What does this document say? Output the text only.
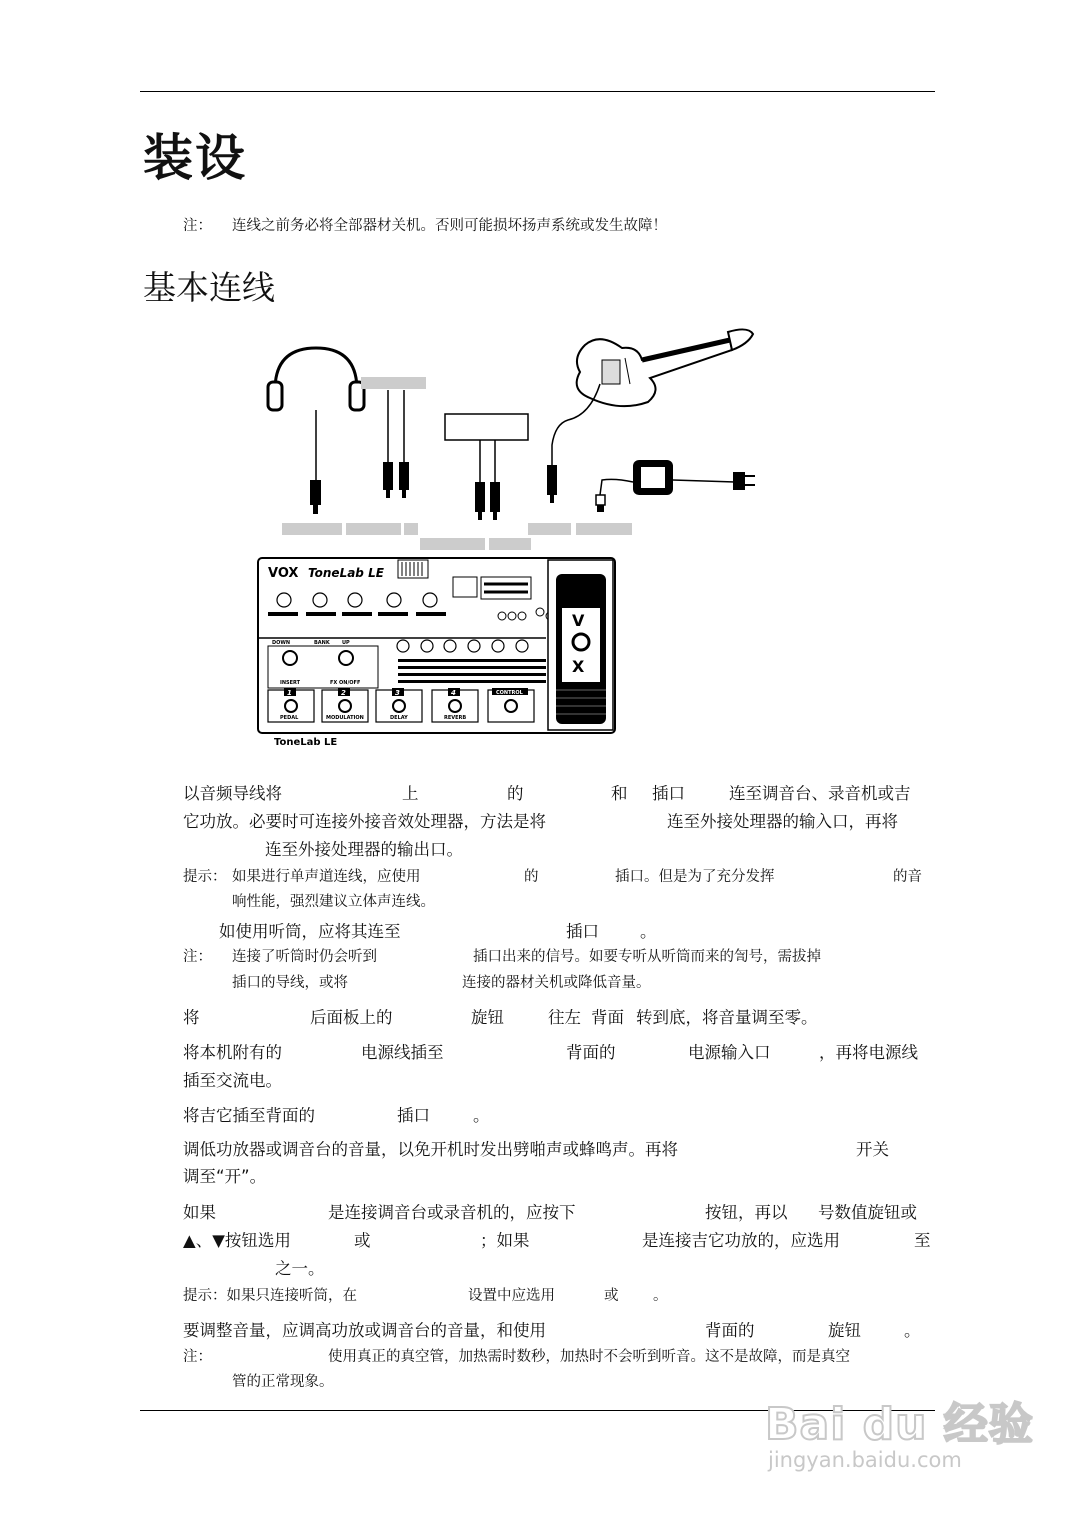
装设
注： 连线之前务必将全部器材关机。否则可能损坏扬声系统或发生故障！
基本连线
VOX ToneLab LE
DOWN	BANK UP
INSERT	FX ON/OFF
1	2	3	4
PEDAL	MODULATION	DELAY	REVERB
CONTROL
V
X
ToneLab LE
以音频导线将	上	的	和 插口	连至调音台、录音机或吉
它功放。必要时可连接外接音效处理器，方法是将	连至外接处理器的输入口，再将
连至外接处理器的输出口。
提示： 如果进行单声道连线，应使用	的	插口。但是为了充分发挥	的音
响性能，强烈建议立体声连线。
如使用听筒，应将其连至	插口 。
注： 连接了听筒时仍会听到	插口出来的信号。如要专听从听筒而来的訇号，需拔掉
插口的导线，或将	连接的器材关机或降低音量。
将	后面板上的	旋钮	往左 背面 转到底，将音量调至零。
将本机附有的	电源线插至	背面的	电源输入口	，再将电源线
插至交流电。
将吉它插至背面的	插口	。
调低功放器或调音台的音量，以免开机时发出劈啪声或蜂鸣声。再将	开关
调至“开”。
如果	是连接调音台或录音机的，应按下	按钮，再以 号数值旋钮或
▲、▼按钮选用	或	；如果	是连接吉它功放的，应选用	至
之一。
提示：如果只连接听筒，在	设置中应选用	或 。
要调整音量，应调高功放或调音台的音量，和使用	背面的	旋钮	。
注：	使用真正的真空管，加热需时数秒，加热时不会听到听音。这不是故障，而是真空
管的正常现象。
Bai du 经验
jingyan.baidu.com
